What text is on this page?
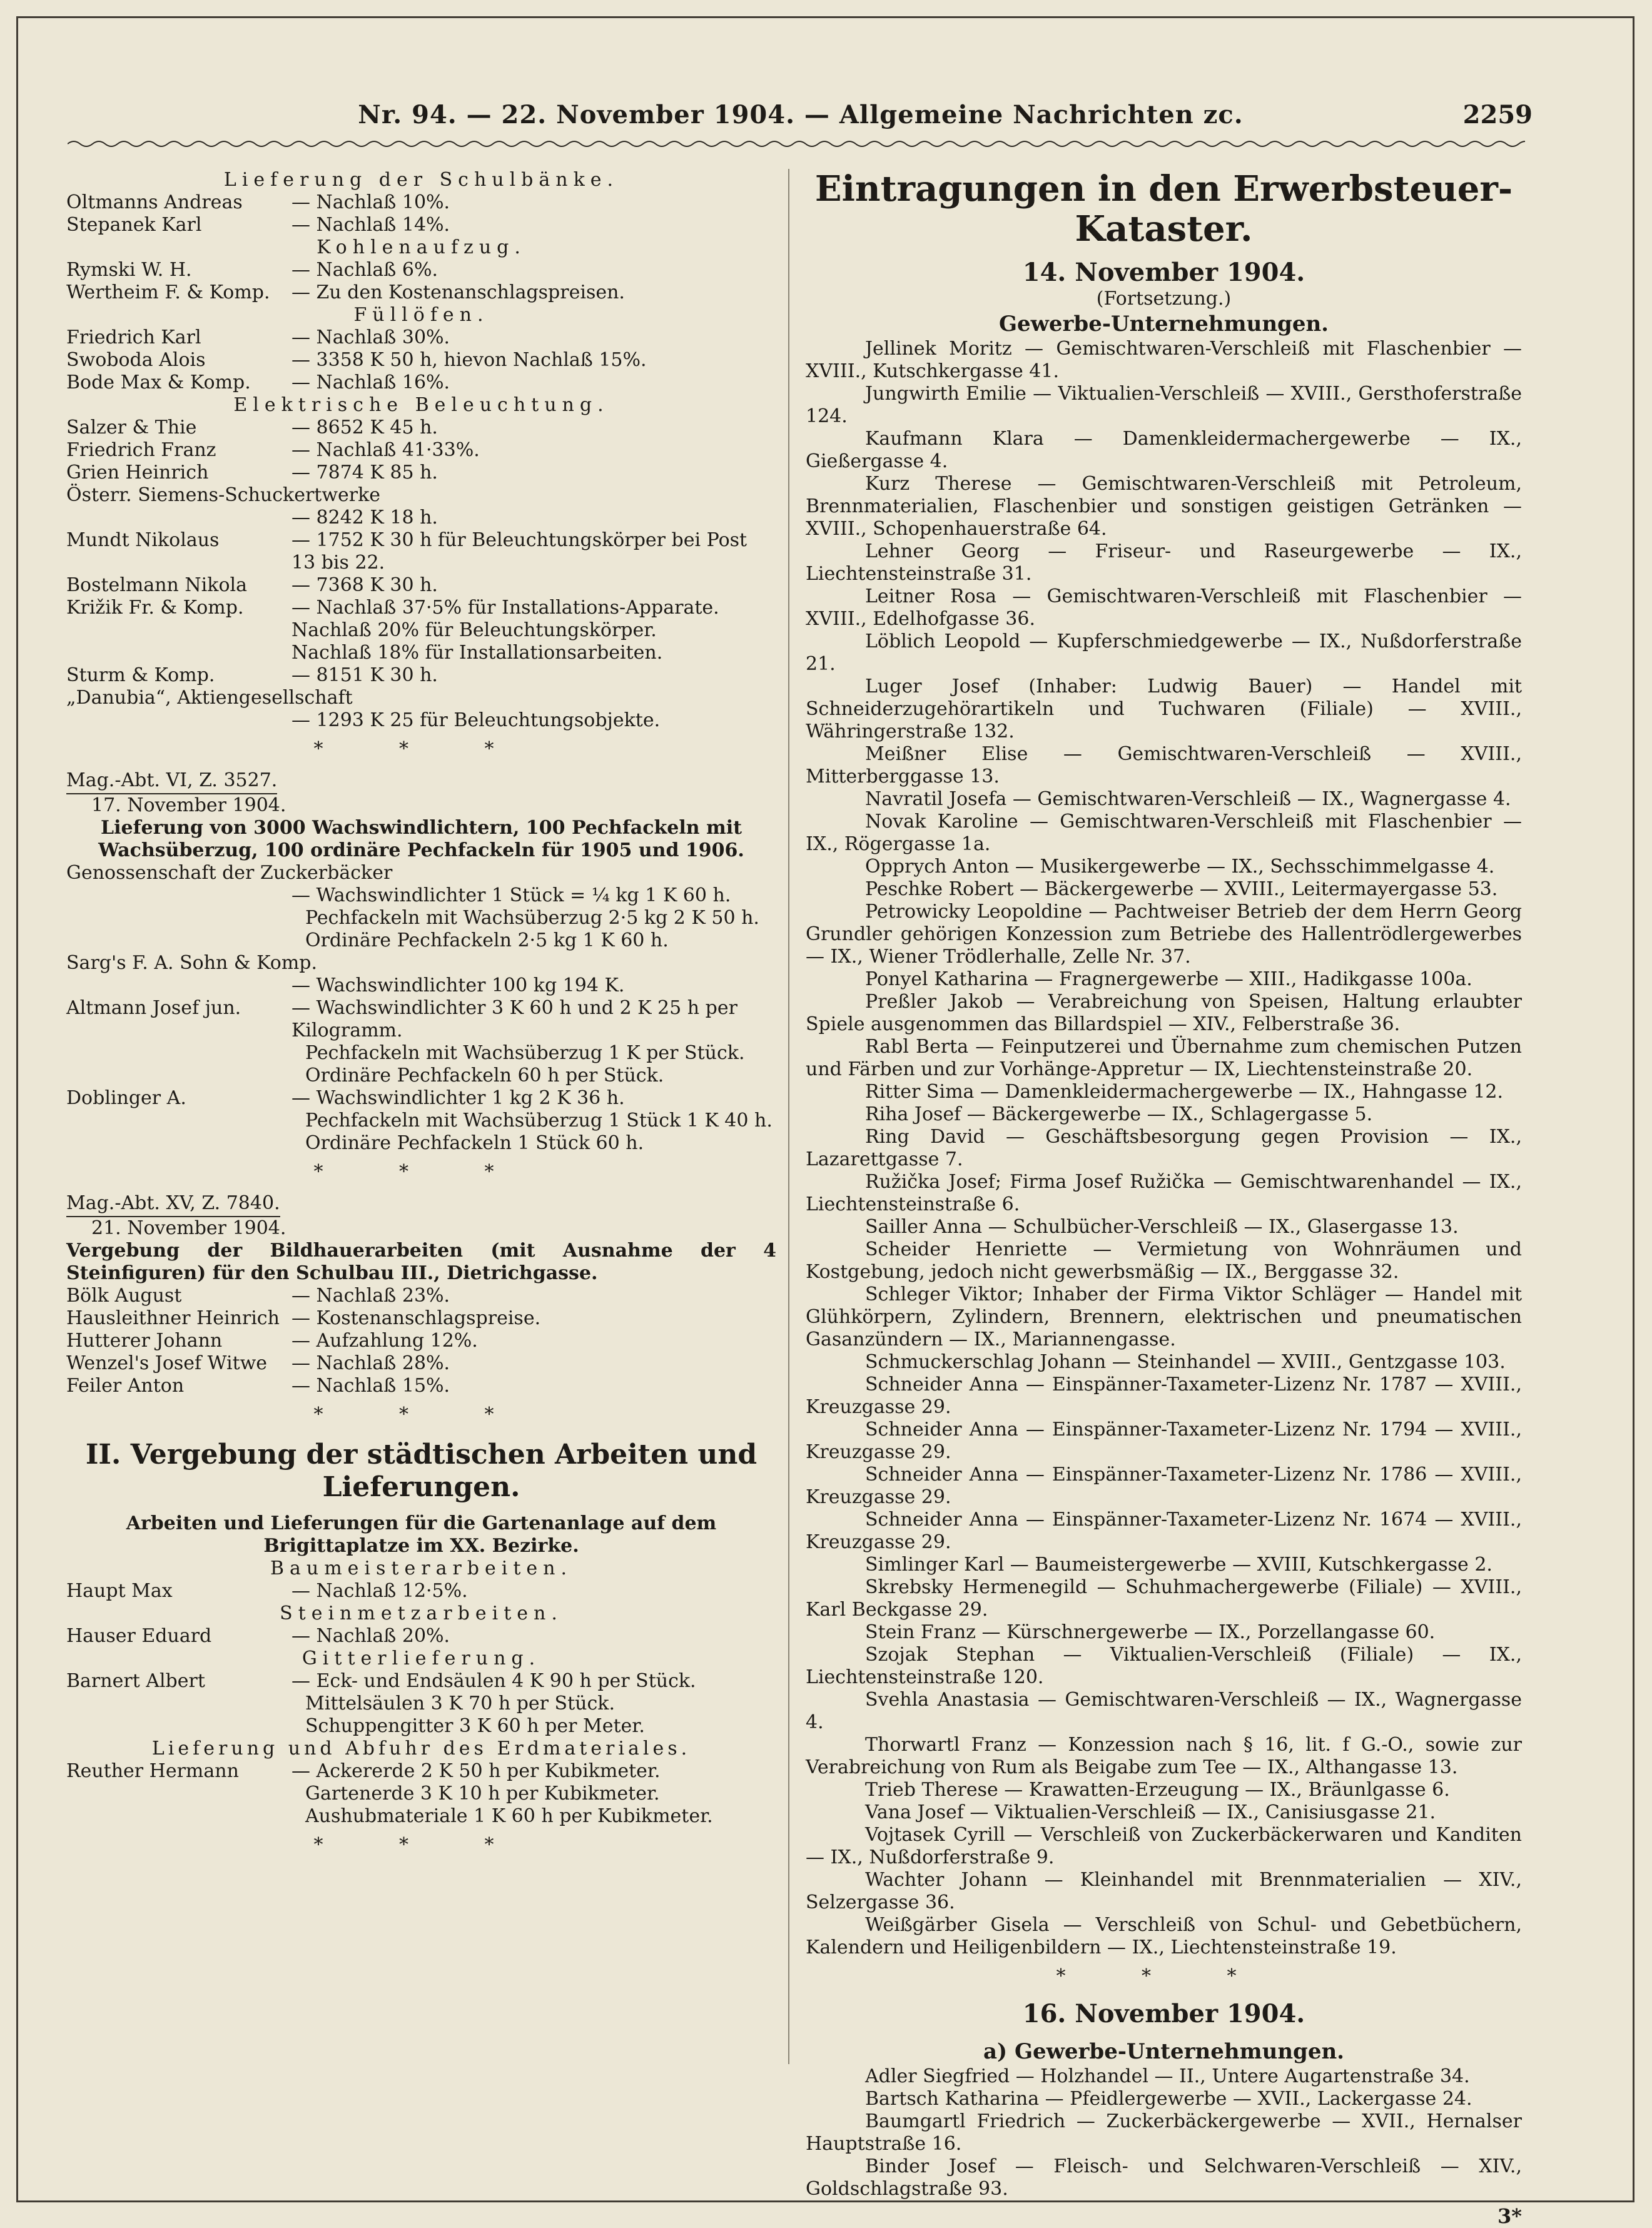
Nr. 94. — 22. November 1904. — Allgemeine Nachrichten zc.	2259
Lieferung der Schulbänke.
Oltmanns Andreas	— Nachlaß 10%.
Stepanek Karl	— Nachlaß 14%.
Kohlenaufzug.
Rymski W. H.	— Nachlaß 6%.
Wertheim F. & Komp.	— Zu den Kostenanschlagspreisen.
Füllöfen.
Friedrich Karl	— Nachlaß 30%.
Swoboda Alois	— 3358 K 50 h, hievon Nachlaß 15%.
Bode Max & Komp.	— Nachlaß 16%.
Elektrische Beleuchtung.
Salzer & Thie	— 8652 K 45 h.
Friedrich Franz	— Nachlaß 41·33%.
Grien Heinrich	— 7874 K 85 h.
Österr. Siemens-Schuckertwerke
— 8242 K 18 h.
Mundt Nikolaus	— 1752 K 30 h für Beleuchtungskörper bei Post 13 bis 22.
Bostelmann Nikola	— 7368 K 30 h.
Križik Fr. & Komp.	— Nachlaß 37·5% für Installations-Apparate.
Nachlaß 20% für Beleuchtungskörper.
Nachlaß 18% für Installationsarbeiten.
Sturm & Komp.	— 8151 K 30 h.
„Danubia“, Aktiengesellschaft
— 1293 K 25 für Beleuchtungsobjekte.
* * *
Mag.-Abt. VI, Z. 3527.
17. November 1904.
Lieferung von 3000 Wachswindlichtern, 100 Pechfackeln mit Wachsüberzug, 100 ordinäre Pechfackeln für 1905 und 1906.
Genossenschaft der Zuckerbäcker
— Wachswindlichter 1 Stück = ¼ kg 1 K 60 h.
Pechfackeln mit Wachsüberzug 2·5 kg 2 K 50 h.
Ordinäre Pechfackeln 2·5 kg 1 K 60 h.
Sarg's F. A. Sohn & Komp.
— Wachswindlichter 100 kg 194 K.
Altmann Josef jun.	— Wachswindlichter 3 K 60 h und 2 K 25 h per Kilogramm.
Pechfackeln mit Wachsüberzug 1 K per Stück.
Ordinäre Pechfackeln 60 h per Stück.
Doblinger A.	— Wachswindlichter 1 kg 2 K 36 h.
Pechfackeln mit Wachsüberzug 1 Stück 1 K 40 h.
Ordinäre Pechfackeln 1 Stück 60 h.
* * *
Mag.-Abt. XV, Z. 7840.
21. November 1904.
Vergebung der Bildhauerarbeiten (mit Ausnahme der 4 Steinfiguren) für den Schulbau III., Dietrichgasse.
Bölk August	— Nachlaß 23%.
Hausleithner Heinrich — Kostenanschlagspreise.
Hutterer Johann	— Aufzahlung 12%.
Wenzel's Josef Witwe	— Nachlaß 28%.
Feiler Anton	— Nachlaß 15%.
* * *
II. Vergebung der städtischen Arbeiten und Lieferungen.
Arbeiten und Lieferungen für die Gartenanlage auf dem Brigittaplatze im XX. Bezirke.
Baumeisterarbeiten.
Haupt Max	— Nachlaß 12·5%.
Steinmetzarbeiten.
Hauser Eduard	— Nachlaß 20%.
Gitterlieferung.
Barnert Albert	— Eck- und Endsäulen 4 K 90 h per Stück.
Mittelsäulen 3 K 70 h per Stück.
Schuppengitter 3 K 60 h per Meter.
Lieferung und Abfuhr des Erdmateriales.
Reuther Hermann	— Ackererde 2 K 50 h per Kubikmeter.
Gartenerde 3 K 10 h per Kubikmeter.
Aushubmateriale 1 K 60 h per Kubikmeter.
* * *
Eintragungen in den Erwerbsteuer-Kataster.
14. November 1904.
(Fortsetzung.)
Gewerbe-Unternehmungen.
Jellinek Moritz — Gemischtwaren-Verschleiß mit Flaschenbier — XVIII., Kutschkergasse 41.
Jungwirth Emilie — Viktualien-Verschleiß — XVIII., Gersthoferstraße 124.
Kaufmann Klara — Damenkleidermachergewerbe — IX., Gießergasse 4.
Kurz Therese — Gemischtwaren-Verschleiß mit Petroleum, Brennmaterialien, Flaschenbier und sonstigen geistigen Getränken — XVIII., Schopenhauerstraße 64.
Lehner Georg — Friseur- und Raseurgewerbe — IX., Liechtensteinstraße 31.
Leitner Rosa — Gemischtwaren-Verschleiß mit Flaschenbier — XVIII., Edelhofgasse 36.
Löblich Leopold — Kupferschmiedgewerbe — IX., Nußdorferstraße 21.
Luger Josef (Inhaber: Ludwig Bauer) — Handel mit Schneiderzugehörartikeln und Tuchwaren (Filiale) — XVIII., Währingerstraße 132.
Meißner Elise — Gemischtwaren-Verschleiß — XVIII., Mitterberggasse 13.
Navratil Josefa — Gemischtwaren-Verschleiß — IX., Wagnergasse 4.
Novak Karoline — Gemischtwaren-Verschleiß mit Flaschenbier — IX., Rögergasse 1a.
Opprych Anton — Musikergewerbe — IX., Sechsschimmelgasse 4.
Peschke Robert — Bäckergewerbe — XVIII., Leitermayergasse 53.
Petrowicky Leopoldine — Pachtweiser Betrieb der dem Herrn Georg Grundler gehörigen Konzession zum Betriebe des Hallentrödlergewerbes — IX., Wiener Trödlerhalle, Zelle Nr. 37.
Ponyel Katharina — Fragnergewerbe — XIII., Hadikgasse 100a.
Preßler Jakob — Verabreichung von Speisen, Haltung erlaubter Spiele ausgenommen das Billardspiel — XIV., Felberstraße 36.
Rabl Berta — Feinputzerei und Übernahme zum chemischen Putzen und Färben und zur Vorhänge-Appretur — IX, Liechtensteinstraße 20.
Ritter Sima — Damenkleidermachergewerbe — IX., Hahngasse 12.
Riha Josef — Bäckergewerbe — IX., Schlagergasse 5.
Ring David — Geschäftsbesorgung gegen Provision — IX., Lazarettgasse 7.
Ružička Josef; Firma Josef Ružička — Gemischtwarenhandel — IX., Liechtensteinstraße 6.
Sailler Anna — Schulbücher-Verschleiß — IX., Glasergasse 13.
Scheider Henriette — Vermietung von Wohnräumen und Kostgebung, jedoch nicht gewerbsmäßig — IX., Berggasse 32.
Schleger Viktor; Inhaber der Firma Viktor Schläger — Handel mit Glühkörpern, Zylindern, Brennern, elektrischen und pneumatischen Gasanzündern — IX., Mariannengasse.
Schmuckerschlag Johann — Steinhandel — XVIII., Gentzgasse 103.
Schneider Anna — Einspänner-Taxameter-Lizenz Nr. 1787 — XVIII., Kreuzgasse 29.
Schneider Anna — Einspänner-Taxameter-Lizenz Nr. 1794 — XVIII., Kreuzgasse 29.
Schneider Anna — Einspänner-Taxameter-Lizenz Nr. 1786 — XVIII., Kreuzgasse 29.
Schneider Anna — Einspänner-Taxameter-Lizenz Nr. 1674 — XVIII., Kreuzgasse 29.
Simlinger Karl — Baumeistergewerbe — XVIII, Kutschkergasse 2.
Skrebsky Hermenegild — Schuhmachergewerbe (Filiale) — XVIII., Karl Beckgasse 29.
Stein Franz — Kürschnergewerbe — IX., Porzellangasse 60.
Szojak Stephan — Viktualien-Verschleiß (Filiale) — IX., Liechtensteinstraße 120.
Svehla Anastasia — Gemischtwaren-Verschleiß — IX., Wagnergasse 4.
Thorwartl Franz — Konzession nach § 16, lit. f G.-O., sowie zur Verabreichung von Rum als Beigabe zum Tee — IX., Althangasse 13.
Trieb Therese — Krawatten-Erzeugung — IX., Bräunlgasse 6.
Vana Josef — Viktualien-Verschleiß — IX., Canisiusgasse 21.
Vojtasek Cyrill — Verschleiß von Zuckerbäckerwaren und Kanditen — IX., Nußdorferstraße 9.
Wachter Johann — Kleinhandel mit Brennmaterialien — XIV., Selzergasse 36.
Weißgärber Gisela — Verschleiß von Schul- und Gebetbüchern, Kalendern und Heiligenbildern — IX., Liechtensteinstraße 19.
* * *
16. November 1904.
a) Gewerbe-Unternehmungen.
Adler Siegfried — Holzhandel — II., Untere Augartenstraße 34.
Bartsch Katharina — Pfeidlergewerbe — XVII., Lackergasse 24.
Baumgartl Friedrich — Zuckerbäckergewerbe — XVII., Hernalser Hauptstraße 16.
Binder Josef — Fleisch- und Selchwaren-Verschleiß — XIV., Goldschlagstraße 93.
3*
